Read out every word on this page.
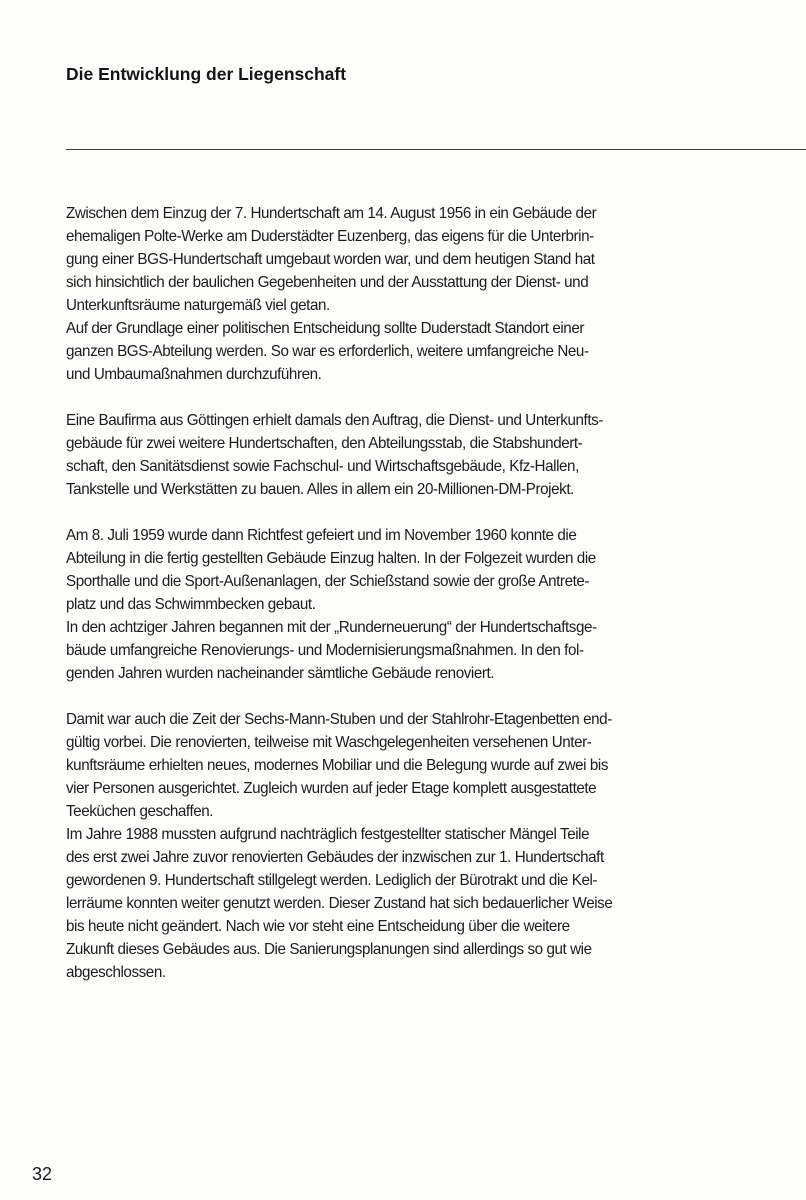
Die Entwicklung der Liegenschaft
Zwischen dem Einzug der 7. Hundertschaft am 14. August 1956 in ein Gebäude der
ehemaligen Polte-Werke am Duderstädter Euzenberg, das eigens für die Unterbrin-
gung einer BGS-Hundertschaft umgebaut worden war, und dem heutigen Stand hat
sich hinsichtlich der baulichen Gegebenheiten und der Ausstattung der Dienst- und
Unterkunftsräume naturgemäß viel getan.
Auf der Grundlage einer politischen Entscheidung sollte Duderstadt Standort einer
ganzen BGS-Abteilung werden. So war es erforderlich, weitere umfangreiche Neu-
und Umbaumaßnahmen durchzuführen.
Eine Baufirma aus Göttingen erhielt damals den Auftrag, die Dienst- und Unterkunfts-
gebäude für zwei weitere Hundertschaften, den Abteilungsstab, die Stabshundert-
schaft, den Sanitätsdienst sowie Fachschul- und Wirtschaftsgebäude, Kfz-Hallen,
Tankstelle und Werkstätten zu bauen. Alles in allem ein 20-Millionen-DM-Projekt.
Am 8. Juli 1959 wurde dann Richtfest gefeiert und im November 1960 konnte die
Abteilung in die fertig gestellten Gebäude Einzug halten. In der Folgezeit wurden die
Sporthalle und die Sport-Außenanlagen, der Schießstand sowie der große Antrete-
platz und das Schwimmbecken gebaut.
In den achtziger Jahren begannen mit der „Runderneuerung“ der Hundertschaftsge-
bäude umfangreiche Renovierungs- und Modernisierungsmaßnahmen. In den fol-
genden Jahren wurden nacheinander sämtliche Gebäude renoviert.
Damit war auch die Zeit der Sechs-Mann-Stuben und der Stahlrohr-Etagenbetten end-
gültig vorbei. Die renovierten, teilweise mit Waschgelegenheiten versehenen Unter-
kunftsräume erhielten neues, modernes Mobiliar und die Belegung wurde auf zwei bis
vier Personen ausgerichtet. Zugleich wurden auf jeder Etage komplett ausgestattete
Teeküchen geschaffen.
Im Jahre 1988 mussten aufgrund nachträglich festgestellter statischer Mängel Teile
des erst zwei Jahre zuvor renovierten Gebäudes der inzwischen zur 1. Hundertschaft
gewordenen 9. Hundertschaft stillgelegt werden. Lediglich der Bürotrakt und die Kel-
lerräume konnten weiter genutzt werden. Dieser Zustand hat sich bedauerlicher Weise
bis heute nicht geändert. Nach wie vor steht eine Entscheidung über die weitere
Zukunft dieses Gebäudes aus. Die Sanierungsplanungen sind allerdings so gut wie
abgeschlossen.
32
